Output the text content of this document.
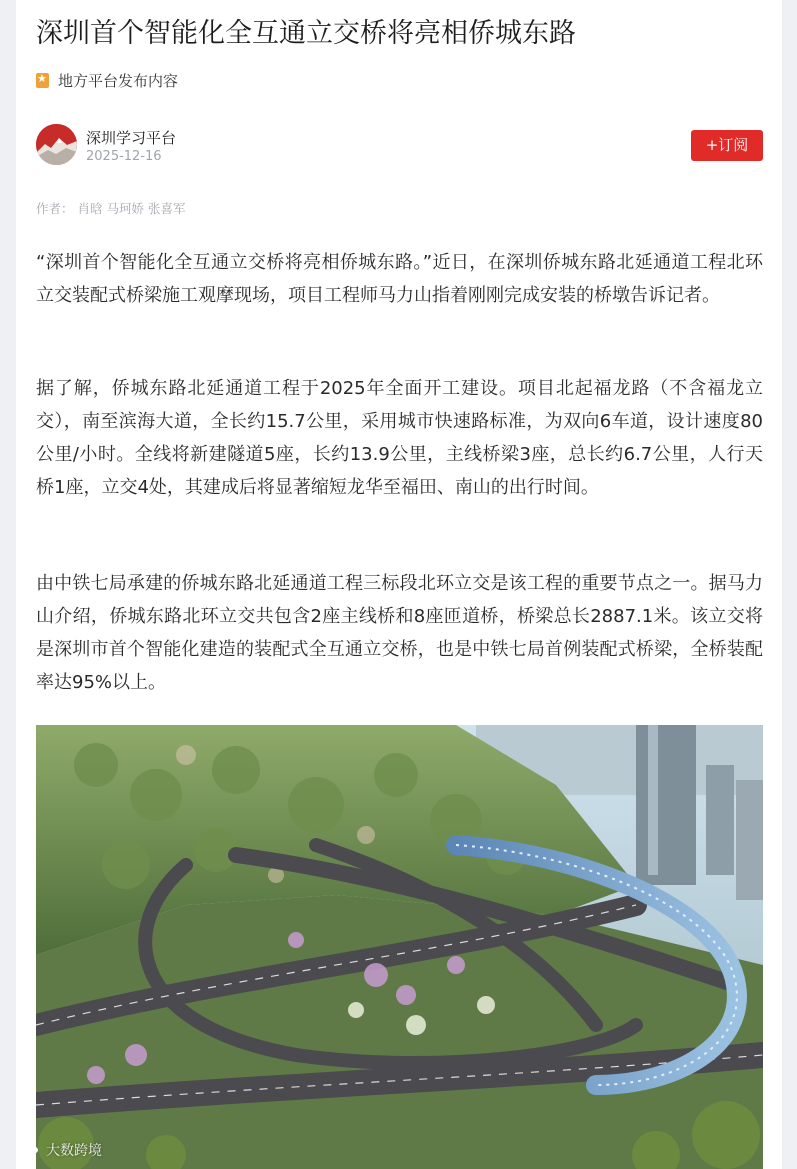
深圳首个智能化全互通立交桥将亮相侨城东路
★
地方平台发布内容
深圳学习平台
2025-12-16
+订阅
作者： 肖晗 马珂娇 张喜军

“深圳首个智能化全互通立交桥将亮相侨城东路。”近日，在深圳侨城东路北延通道工程北环立交装配式桥梁施工观摩现场，项目工程师马力山指着刚刚完成安装的桥墩告诉记者。

据了解，侨城东路北延通道工程于2025年全面开工建设。项目北起福龙路（不含福龙立交），南至滨海大道，全长约15.7公里，采用城市快速路标准，为双向6车道，设计速度80公里/小时。全线将新建隧道5座，长约13.9公里，主线桥梁3座，总长约6.7公里，人行天桥1座，立交4处，其建成后将显著缩短龙华至福田、南山的出行时间。

由中铁七局承建的侨城东路北延通道工程三标段北环立交是该工程的重要节点之一。据马力山介绍，侨城东路北环立交共包含2座主线桥和8座匝道桥，桥梁总长2887.1米。该立交将是深圳市首个智能化建造的装配式全互通立交桥，也是中铁七局首例装配式桥梁，全桥装配率达95%以上。

大数跨境
